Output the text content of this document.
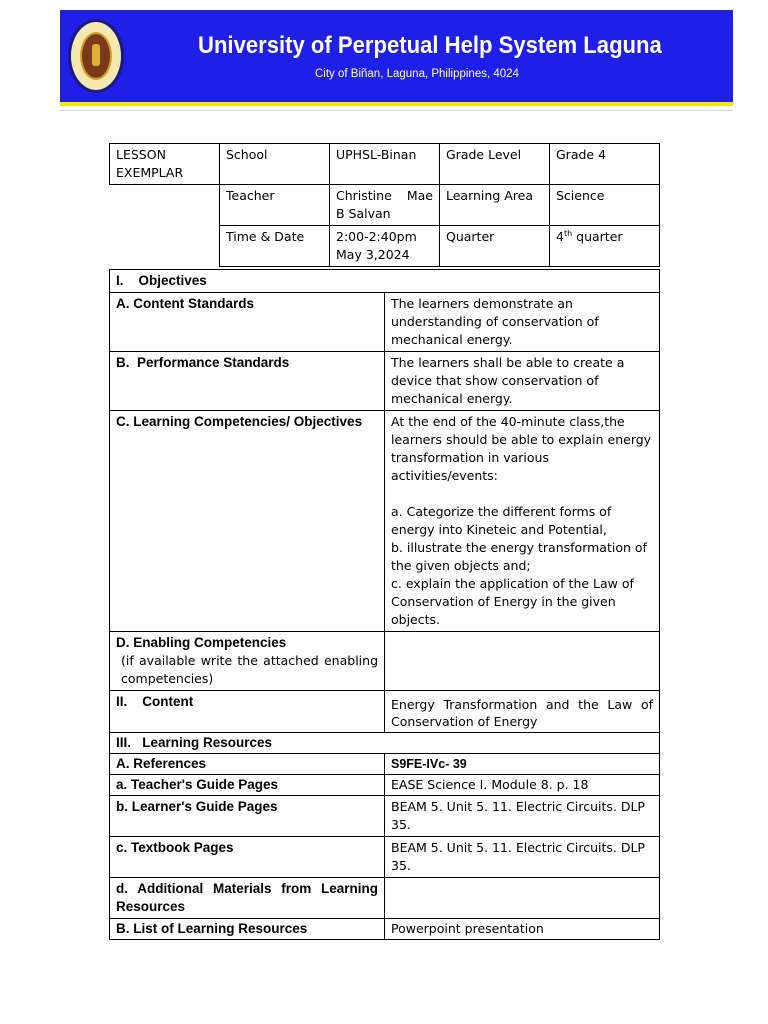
University of Perpetual Help System Laguna
City of Biñan, Laguna, Philippines, 4024
LESSON EXEMPLAR	School	UPHSL-Binan	Grade Level	Grade 4
	Teacher	Christine Mae B Salvan	Learning Area	Science
	Time & Date	2:00-2:40pm May 3,2024	Quarter	4th quarter
I.    Objectives	
A. Content Standards	The learners demonstrate an understanding of conservation of mechanical energy.
B.  Performance Standards	The learners shall be able to create a device that show conservation of mechanical energy.
C. Learning Competencies/ Objectives	At the end of the 40-minute class,the learners should be able to explain energy transformation in various activities/events:
a. Categorize the different forms of energy into Kineteic and Potential,
b. illustrate the energy transformation of the given objects and;
c. explain the application of the Law of Conservation of Energy in the given objects.

D. Enabling Competencies
(if available write the attached enabling competencies)	

II.    Content	Energy Transformation and the Law of Conservation of Energy
III.   Learning Resources	
A. References	S9FE-IVc- 39
a. Teacher's Guide Pages	EASE Science I. Module 8. p. 18
b. Learner's Guide Pages	BEAM 5. Unit 5. 11. Electric Circuits. DLP 35.
c. Textbook Pages	BEAM 5. Unit 5. 11. Electric Circuits. DLP 35.
d. Additional Materials from Learning Resources	
B. List of Learning Resources	Powerpoint presentation
